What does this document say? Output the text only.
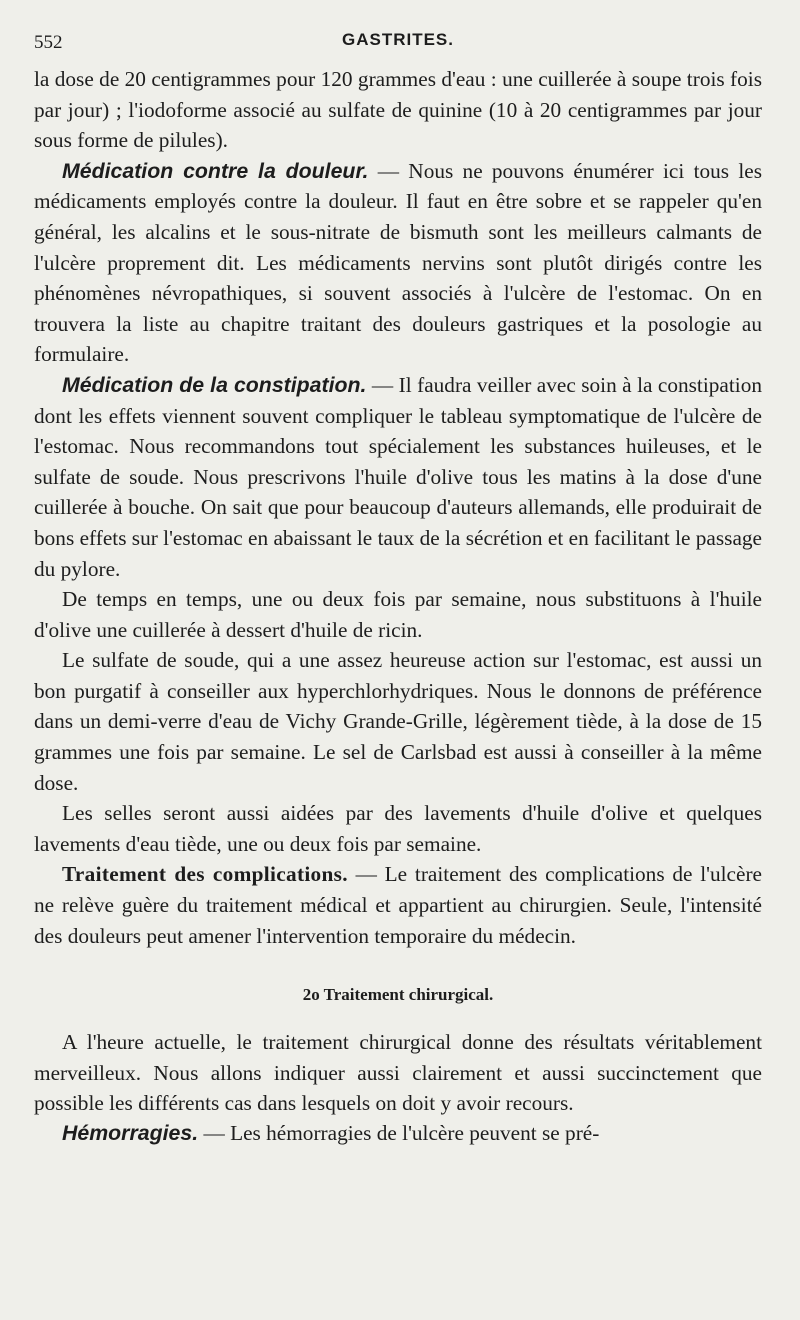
552	GASTRITES.

la dose de 20 centigrammes pour 120 grammes d'eau : une cuillerée à soupe trois fois par jour) ; l'iodoforme associé au sulfate de quinine (10 à 20 centigrammes par jour sous forme de pilules).

Médication contre la douleur. — Nous ne pouvons énumérer ici tous les médicaments employés contre la douleur. Il faut en être sobre et se rappeler qu'en général, les alcalins et le sous-nitrate de bismuth sont les meilleurs calmants de l'ulcère proprement dit. Les médicaments nervins sont plutôt dirigés contre les phénomènes névropathiques, si souvent associés à l'ulcère de l'estomac. On en trouvera la liste au chapitre traitant des douleurs gastriques et la posologie au formulaire.

Médication de la constipation. — Il faudra veiller avec soin à la constipation dont les effets viennent souvent compliquer le tableau symptomatique de l'ulcère de l'estomac. Nous recommandons tout spécialement les substances huileuses, et le sulfate de soude. Nous prescrivons l'huile d'olive tous les matins à la dose d'une cuillerée à bouche. On sait que pour beaucoup d'auteurs allemands, elle produirait de bons effets sur l'estomac en abaissant le taux de la sécrétion et en facilitant le passage du pylore.

De temps en temps, une ou deux fois par semaine, nous substituons à l'huile d'olive une cuillerée à dessert d'huile de ricin.

Le sulfate de soude, qui a une assez heureuse action sur l'estomac, est aussi un bon purgatif à conseiller aux hyperchlorhydriques. Nous le donnons de préférence dans un demi-verre d'eau de Vichy Grande-Grille, légèrement tiède, à la dose de 15 grammes une fois par semaine. Le sel de Carlsbad est aussi à conseiller à la même dose.

Les selles seront aussi aidées par des lavements d'huile d'olive et quelques lavements d'eau tiède, une ou deux fois par semaine.

Traitement des complications. — Le traitement des complications de l'ulcère ne relève guère du traitement médical et appartient au chirurgien. Seule, l'intensité des douleurs peut amener l'intervention temporaire du médecin.

2o Traitement chirurgical.

A l'heure actuelle, le traitement chirurgical donne des résultats véritablement merveilleux. Nous allons indiquer aussi clairement et aussi succinctement que possible les différents cas dans lesquels on doit y avoir recours.

Hémorragies. — Les hémorragies de l'ulcère peuvent se pré-
